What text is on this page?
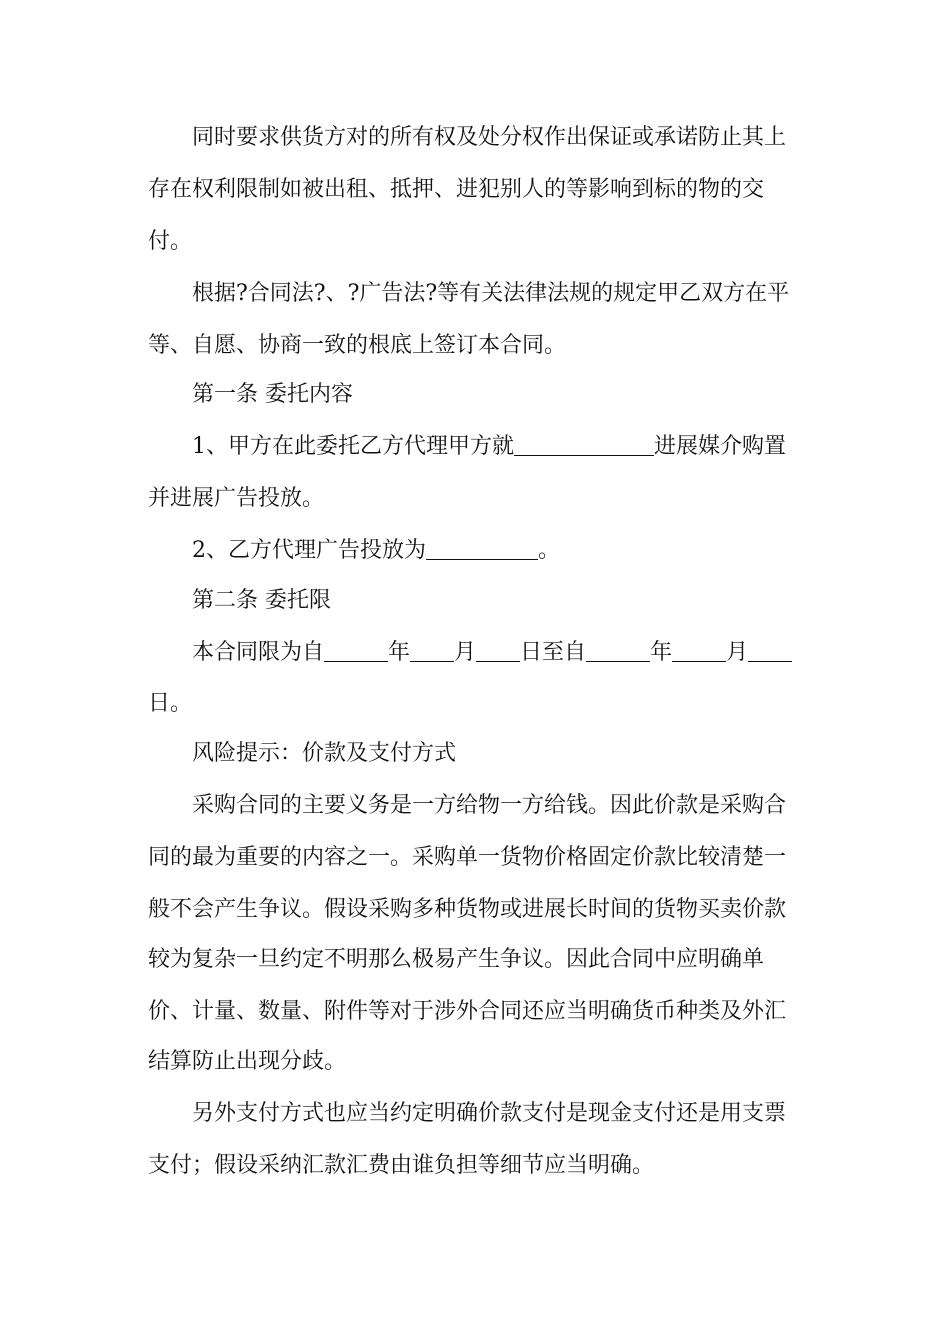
同时要求供货方对的所有权及处分权作出保证或承诺防止其上
存在权利限制如被出租、抵押、进犯别人的等影响到标的物的交
付。
根据?合同法?、?广告法?等有关法律法规的规定甲乙双方在平
等、自愿、协商一致的根底上签订本合同。
第一条 委托内容
1、甲方在此委托乙方代理甲方就	进展媒介购置
并进展广告投放。
2、乙方代理广告投放为	。
第二条 委托限
本合同限为自	年 月 日至自	年 月
日。
风险提示：价款及支付方式
采购合同的主要义务是一方给物一方给钱。因此价款是采购合
同的最为重要的内容之一。采购单一货物价格固定价款比较清楚一
般不会产生争议。假设采购多种货物或进展长时间的货物买卖价款
较为复杂一旦约定不明那么极易产生争议。因此合同中应明确单
价、计量、数量、附件等对于涉外合同还应当明确货币种类及外汇
结算防止出现分歧。
另外支付方式也应当约定明确价款支付是现金支付还是用支票
支付；假设采纳汇款汇费由谁负担等细节应当明确。
